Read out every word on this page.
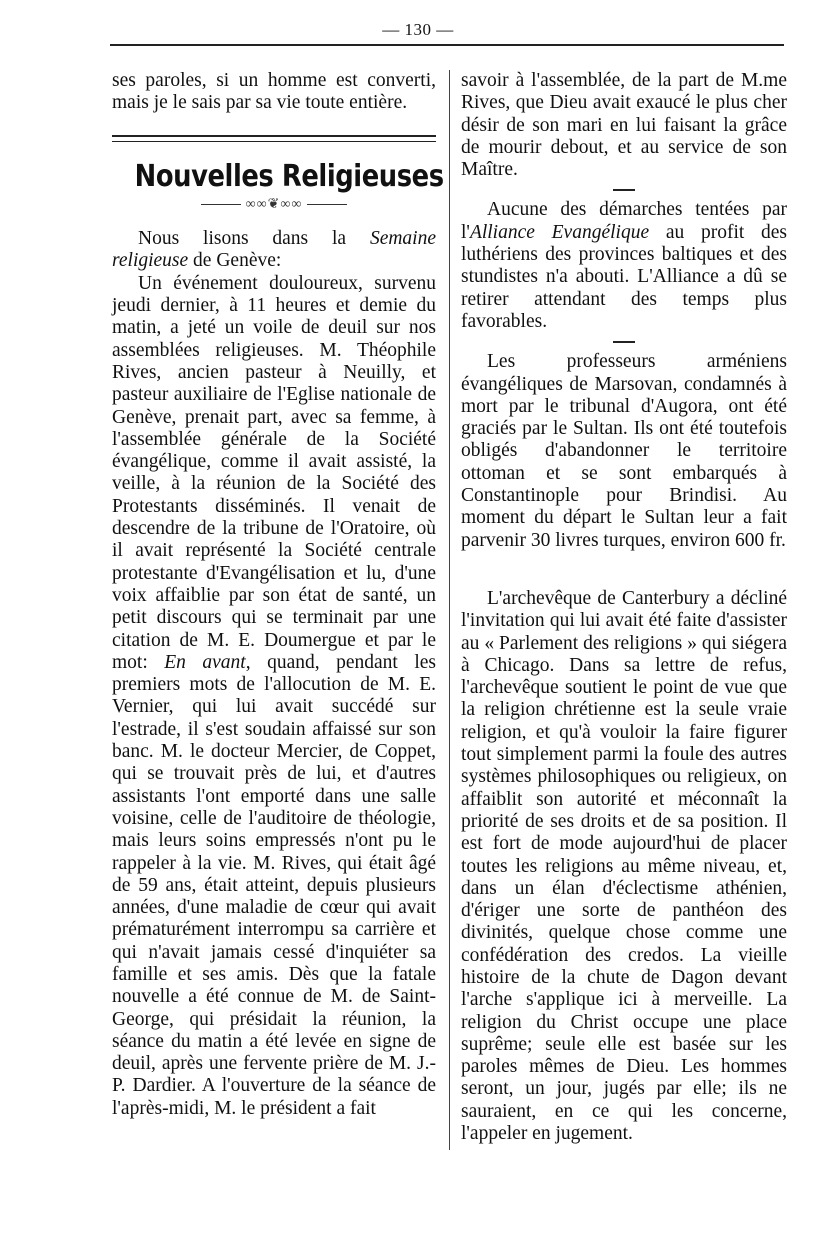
— 130 —

ses paroles, si un homme est converti, mais je le sais par sa vie toute entière.

Nouvelles Religieuses
∞∞❦∞∞

Nous lisons dans la Semaine religieuse de Genève:

Un événement douloureux, survenu jeudi dernier, à 11 heures et demie du matin, a jeté un voile de deuil sur nos assemblées religieuses. M. Théophile Rives, ancien pasteur à Neuilly, et pasteur auxiliaire de l'Eglise nationale de Genève, prenait part, avec sa femme, à l'assemblée générale de la Société évangélique, comme il avait assisté, la veille, à la réunion de la Société des Protestants disséminés. Il venait de descendre de la tribune de l'Oratoire, où il avait représenté la Société centrale protestante d'Evangélisation et lu, d'une voix affaiblie par son état de santé, un petit discours qui se terminait par une citation de M. E. Doumergue et par le mot: En avant, quand, pendant les premiers mots de l'allocution de M. E. Vernier, qui lui avait succédé sur l'estrade, il s'est soudain affaissé sur son banc. M. le docteur Mercier, de Coppet, qui se trouvait près de lui, et d'autres assistants l'ont emporté dans une salle voisine, celle de l'auditoire de théologie, mais leurs soins empressés n'ont pu le rappeler à la vie. M. Rives, qui était âgé de 59 ans, était atteint, depuis plusieurs années, d'une maladie de cœur qui avait prématurément interrompu sa carrière et qui n'avait jamais cessé d'inquiéter sa famille et ses amis. Dès que la fatale nouvelle a été connue de M. de Saint-George, qui présidait la réunion, la séance du matin a été levée en signe de deuil, après une fervente prière de M. J.-P. Dardier. A l'ouverture de la séance de l'après-midi, M. le président a fait

savoir à l'assemblée, de la part de M.me Rives, que Dieu avait exaucé le plus cher désir de son mari en lui faisant la grâce de mourir debout, et au service de son Maître.

Aucune des démarches tentées par l'Alliance Evangélique au profit des luthériens des provinces baltiques et des stundistes n'a abouti. L'Alliance a dû se retirer attendant des temps plus favorables.

Les professeurs arméniens évangéliques de Marsovan, condamnés à mort par le tribunal d'Augora, ont été graciés par le Sultan. Ils ont été toutefois obligés d'abandonner le territoire ottoman et se sont embarqués à Constantinople pour Brindisi. Au moment du départ le Sultan leur a fait parvenir 30 livres turques, environ 600 fr.

L'archevêque de Canterbury a décliné l'invitation qui lui avait été faite d'assister au « Parlement des religions » qui siégera à Chicago. Dans sa lettre de refus, l'archevêque soutient le point de vue que la religion chrétienne est la seule vraie religion, et qu'à vouloir la faire figurer tout simplement parmi la foule des autres systèmes philosophiques ou religieux, on affaiblit son autorité et méconnaît la priorité de ses droits et de sa position. Il est fort de mode aujourd'hui de placer toutes les religions au même niveau, et, dans un élan d'éclectisme athénien, d'ériger une sorte de panthéon des divinités, quelque chose comme une confédération des credos. La vieille histoire de la chute de Dagon devant l'arche s'applique ici à merveille. La religion du Christ occupe une place suprême; seule elle est basée sur les paroles mêmes de Dieu. Les hommes seront, un jour, jugés par elle; ils ne sauraient, en ce qui les concerne, l'appeler en jugement.
